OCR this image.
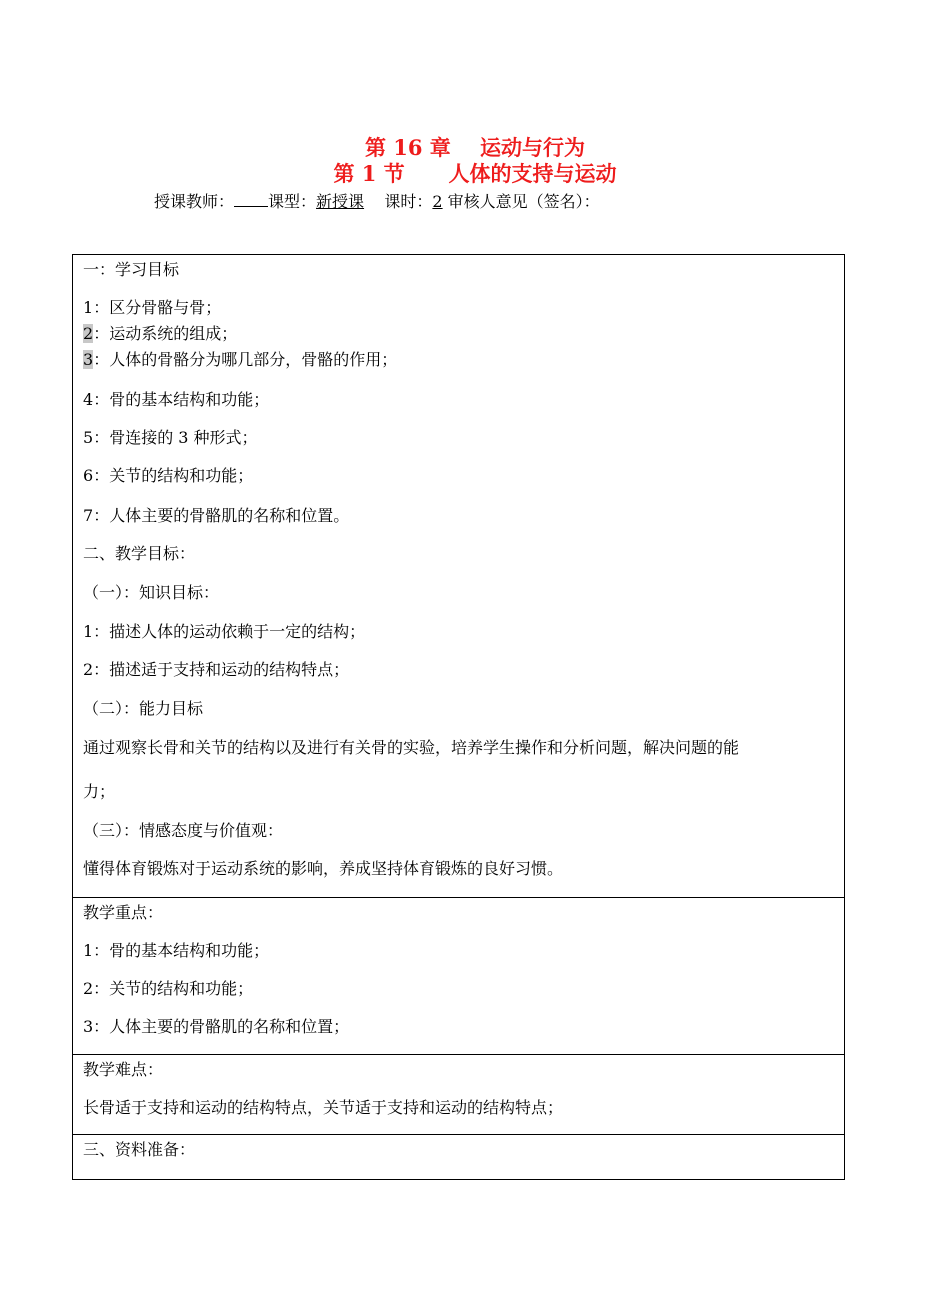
第 16 章    运动与行为
第 1 节      人体的支持与运动
授课教师： 课型：新授课 课时：2 审核人意见（签名）：
一：学习目标
1：区分骨骼与骨；
2：运动系统的组成；
3：人体的骨骼分为哪几部分，骨骼的作用；
4：骨的基本结构和功能；
5：骨连接的 3 种形式；
6：关节的结构和功能；
7：人体主要的骨骼肌的名称和位置。
二、教学目标：
（一）：知识目标：
1：描述人体的运动依赖于一定的结构；
2：描述适于支持和运动的结构特点；
（二）：能力目标
通过观察长骨和关节的结构以及进行有关骨的实验，培养学生操作和分析问题，解决问题的能
力；
（三）：情感态度与价值观：
懂得体育锻炼对于运动系统的影响，养成坚持体育锻炼的良好习惯。
教学重点：
1：骨的基本结构和功能；
2：关节的结构和功能；
3：人体主要的骨骼肌的名称和位置；
教学难点：
长骨适于支持和运动的结构特点，关节适于支持和运动的结构特点；
三、资料准备：
